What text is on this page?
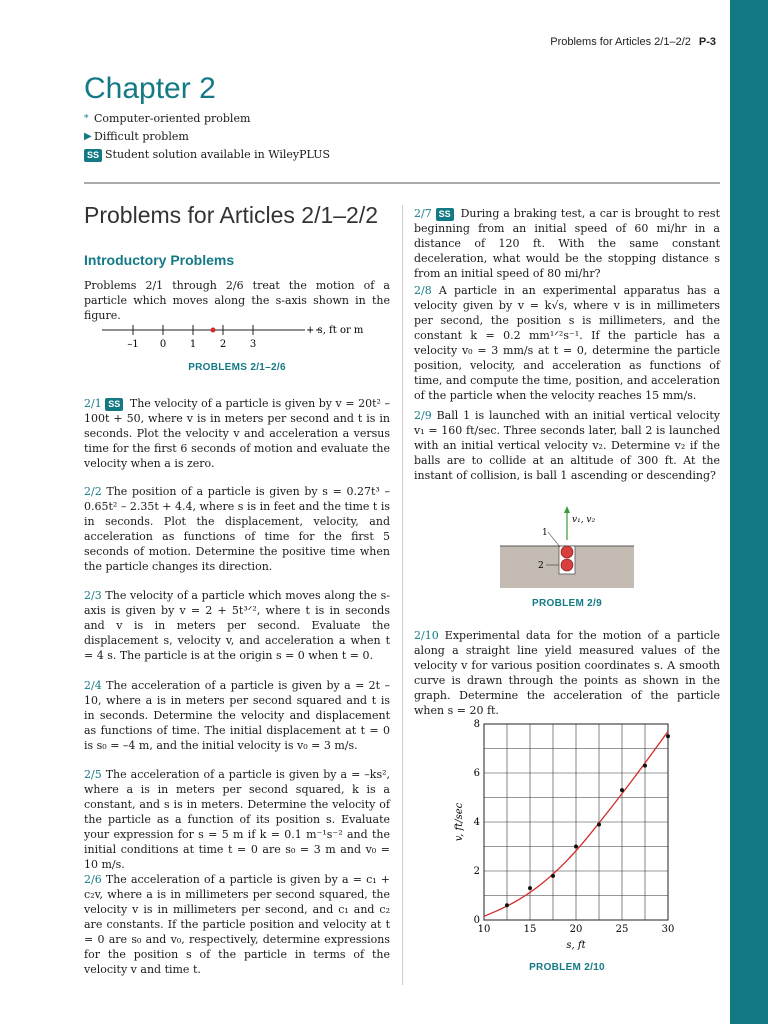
Problems for Articles 2/1–2/2 P-3
Chapter 2
* Computer-oriented problem
▶ Difficult problem
SS Student solution available in WileyPLUS
Problems for Articles 2/1–2/2
Introductory Problems
Problems 2/1 through 2/6 treat the motion of a particle which moves along the s-axis shown in the figure.
–1 0 1 2 3
+ s, ft or m
PROBLEMS 2/1–2/6
2/1 SS The velocity of a particle is given by v = 20t² – 100t + 50, where v is in meters per second and t is in seconds. Plot the velocity v and acceleration a versus time for the first 6 seconds of motion and evaluate the velocity when a is zero.
2/2 The position of a particle is given by s = 0.27t³ – 0.65t² – 2.35t + 4.4, where s is in feet and the time t is in seconds. Plot the displacement, velocity, and acceleration as functions of time for the first 5 seconds of motion. Determine the positive time when the particle changes its direction.
2/3 The velocity of a particle which moves along the s-axis is given by v = 2 + 5t³ᐟ², where t is in seconds and v is in meters per second. Evaluate the displacement s, velocity v, and acceleration a when t = 4 s. The particle is at the origin s = 0 when t = 0.
2/4 The acceleration of a particle is given by a = 2t – 10, where a is in meters per second squared and t is in seconds. Determine the velocity and displacement as functions of time. The initial displacement at t = 0 is s₀ = –4 m, and the initial velocity is v₀ = 3 m/s.
2/5 The acceleration of a particle is given by a = –ks², where a is in meters per second squared, k is a constant, and s is in meters. Determine the velocity of the particle as a function of its position s. Evaluate your expression for s = 5 m if k = 0.1 m⁻¹s⁻² and the initial conditions at time t = 0 are s₀ = 3 m and v₀ = 10 m/s.
2/6 The acceleration of a particle is given by a = c₁ + c₂v, where a is in millimeters per second squared, the velocity v is in millimeters per second, and c₁ and c₂ are constants. If the particle position and velocity at t = 0 are s₀ and v₀, respectively, determine expressions for the position s of the particle in terms of the velocity v and time t.
2/7 SS During a braking test, a car is brought to rest beginning from an initial speed of 60 mi/hr in a distance of 120 ft. With the same constant deceleration, what would be the stopping distance s from an initial speed of 80 mi/hr?
2/8 A particle in an experimental apparatus has a velocity given by v = k√s, where v is in millimeters per second, the position s is millimeters, and the constant k = 0.2 mm¹ᐟ²s⁻¹. If the particle has a velocity v₀ = 3 mm/s at t = 0, determine the particle position, velocity, and acceleration as functions of time, and compute the time, position, and acceleration of the particle when the velocity reaches 15 mm/s.
2/9 Ball 1 is launched with an initial vertical velocity v₁ = 160 ft/sec. Three seconds later, ball 2 is launched with an initial vertical velocity v₂. Determine v₂ if the balls are to collide at an altitude of 300 ft. At the instant of collision, is ball 1 ascending or descending?
v₁, v₂
1
2
PROBLEM 2/9
2/10 Experimental data for the motion of a particle along a straight line yield measured values of the velocity v for various position coordinates s. A smooth curve is drawn through the points as shown in the graph. Determine the acceleration of the particle when s = 20 ft.
10	15	20	25	30
0
2
4
6
8
s, ft
v, ft/sec
PROBLEM 2/10
